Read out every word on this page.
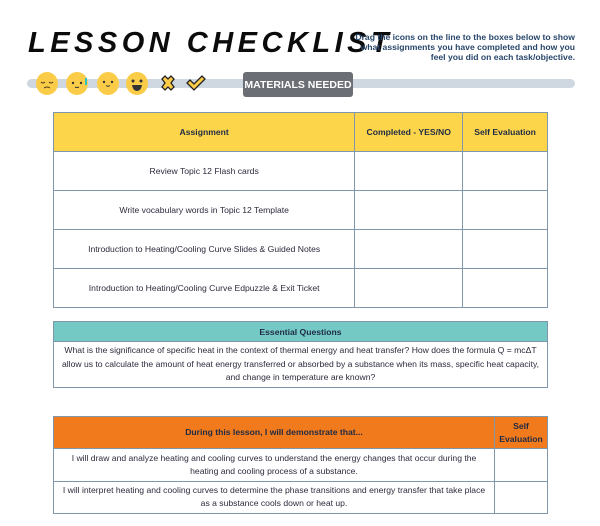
LESSON CHECKLIST
Drag the icons on the line to the boxes below to show what assignments you have completed and how you feel you did on each task/objective.
MATERIALS NEEDED
Assignment	Completed - YES/NO	Self Evaluation
Review Topic 12 Flash cards		
Write vocabulary words in Topic 12 Template		
Introduction to Heating/Cooling Curve Slides & Guided Notes		
Introduction to Heating/Cooling Curve Edpuzzle & Exit Ticket		
Essential Questions
What is the significance of specific heat in the context of thermal energy and heat transfer? How does the formula Q = mcΔT allow us to calculate the amount of heat energy transferred or absorbed by a substance when its mass, specific heat capacity, and change in temperature are known?
During this lesson, I will demonstrate that...	Self Evaluation
I will draw and analyze heating and cooling curves to understand the energy changes that occur during the heating and cooling process of a substance.	
I will interpret heating and cooling curves to determine the phase transitions and energy transfer that take place as a substance cools down or heat up.	
